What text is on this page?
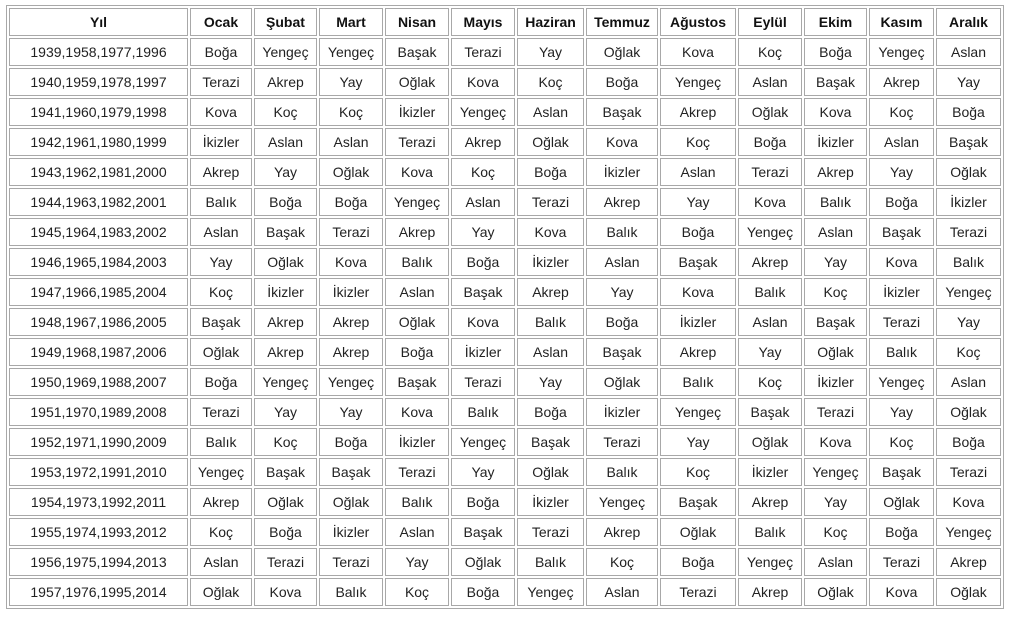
Yıl	Ocak	Şubat	Mart	Nisan	Mayıs	Haziran	Temmuz	Ağustos	Eylül	Ekim	Kasım	Aralık
1939,1958,1977,1996	Boğa	Yengeç	Yengeç	Başak	Terazi	Yay	Oğlak	Kova	Koç	Boğa	Yengeç	Aslan
1940,1959,1978,1997	Terazi	Akrep	Yay	Oğlak	Kova	Koç	Boğa	Yengeç	Aslan	Başak	Akrep	Yay
1941,1960,1979,1998	Kova	Koç	Koç	İkizler	Yengeç	Aslan	Başak	Akrep	Oğlak	Kova	Koç	Boğa
1942,1961,1980,1999	İkizler	Aslan	Aslan	Terazi	Akrep	Oğlak	Kova	Koç	Boğa	İkizler	Aslan	Başak
1943,1962,1981,2000	Akrep	Yay	Oğlak	Kova	Koç	Boğa	İkizler	Aslan	Terazi	Akrep	Yay	Oğlak
1944,1963,1982,2001	Balık	Boğa	Boğa	Yengeç	Aslan	Terazi	Akrep	Yay	Kova	Balık	Boğa	İkizler
1945,1964,1983,2002	Aslan	Başak	Terazi	Akrep	Yay	Kova	Balık	Boğa	Yengeç	Aslan	Başak	Terazi
1946,1965,1984,2003	Yay	Oğlak	Kova	Balık	Boğa	İkizler	Aslan	Başak	Akrep	Yay	Kova	Balık
1947,1966,1985,2004	Koç	İkizler	İkizler	Aslan	Başak	Akrep	Yay	Kova	Balık	Koç	İkizler	Yengeç
1948,1967,1986,2005	Başak	Akrep	Akrep	Oğlak	Kova	Balık	Boğa	İkizler	Aslan	Başak	Terazi	Yay
1949,1968,1987,2006	Oğlak	Akrep	Akrep	Boğa	İkizler	Aslan	Başak	Akrep	Yay	Oğlak	Balık	Koç
1950,1969,1988,2007	Boğa	Yengeç	Yengeç	Başak	Terazi	Yay	Oğlak	Balık	Koç	İkizler	Yengeç	Aslan
1951,1970,1989,2008	Terazi	Yay	Yay	Kova	Balık	Boğa	İkizler	Yengeç	Başak	Terazi	Yay	Oğlak
1952,1971,1990,2009	Balık	Koç	Boğa	İkizler	Yengeç	Başak	Terazi	Yay	Oğlak	Kova	Koç	Boğa
1953,1972,1991,2010	Yengeç	Başak	Başak	Terazi	Yay	Oğlak	Balık	Koç	İkizler	Yengeç	Başak	Terazi
1954,1973,1992,2011	Akrep	Oğlak	Oğlak	Balık	Boğa	İkizler	Yengeç	Başak	Akrep	Yay	Oğlak	Kova
1955,1974,1993,2012	Koç	Boğa	İkizler	Aslan	Başak	Terazi	Akrep	Oğlak	Balık	Koç	Boğa	Yengeç
1956,1975,1994,2013	Aslan	Terazi	Terazi	Yay	Oğlak	Balık	Koç	Boğa	Yengeç	Aslan	Terazi	Akrep
1957,1976,1995,2014	Oğlak	Kova	Balık	Koç	Boğa	Yengeç	Aslan	Terazi	Akrep	Oğlak	Kova	Oğlak
